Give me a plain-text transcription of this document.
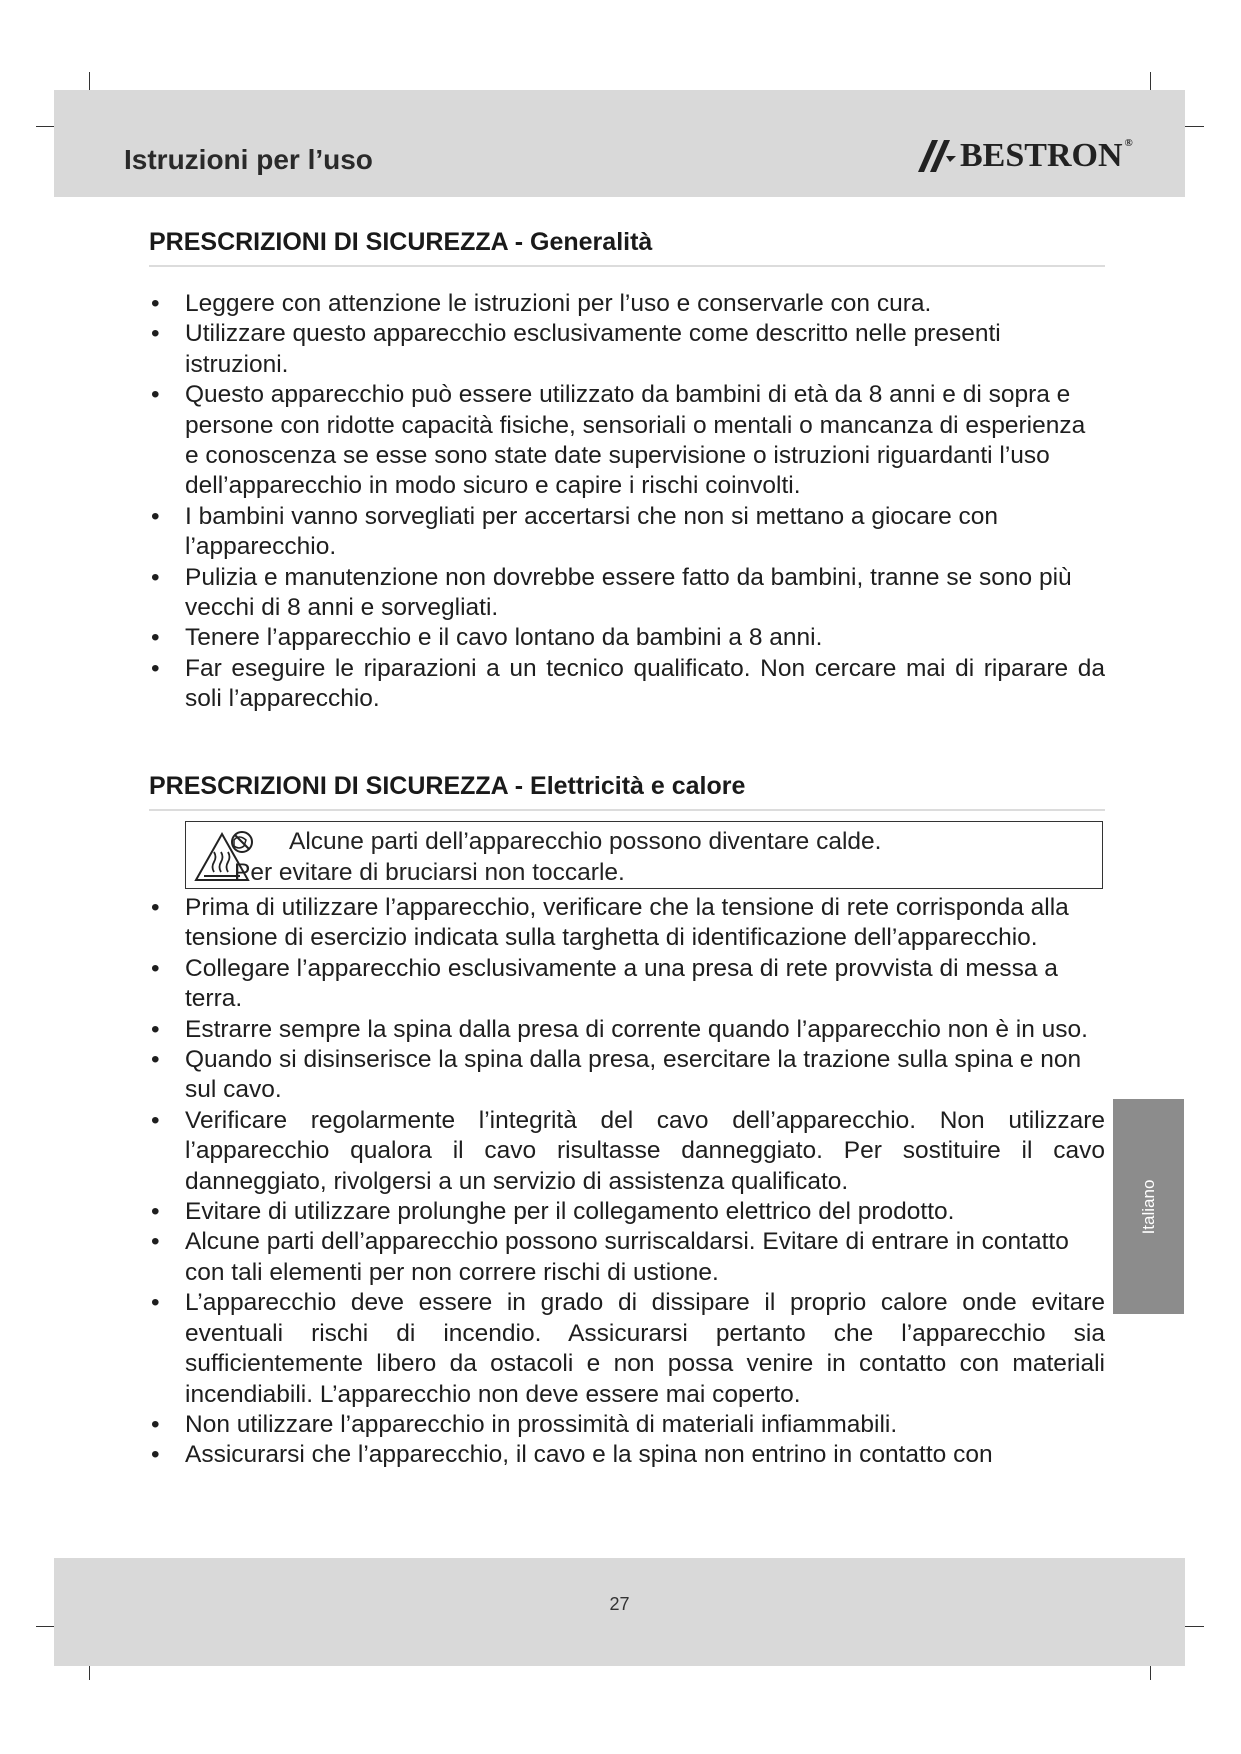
Istruzioni per l’uso	BESTRON ®
PRESCRIZIONI DI SICUREZZA - Generalità
• Leggere con attenzione le istruzioni per l’uso e conservarle con cura.
• Utilizzare questo apparecchio esclusivamente come descritto nelle presenti istruzioni.
• Questo apparecchio può essere utilizzato da bambini di età da 8 anni e di sopra e persone con ridotte capacità fisiche, sensoriali o mentali o mancanza di esperienza e conoscenza se esse sono state date supervisione o istruzioni riguardanti l’uso dell’apparecchio in modo sicuro e capire i rischi coinvolti.
• I bambini vanno sorvegliati per accertarsi che non si mettano a giocare con l’apparecchio.
• Pulizia e manutenzione non dovrebbe essere fatto da bambini, tranne se sono più vecchi di 8 anni e sorvegliati.
• Tenere l’apparecchio e il cavo lontano da bambini a 8 anni.
• Far eseguire le riparazioni a un tecnico qualificato. Non cercare mai di riparare da soli l’apparecchio.
PRESCRIZIONI DI SICUREZZA - Elettricità e calore
Alcune parti dell’apparecchio possono diventare calde.
Per evitare di bruciarsi non toccarle.
• Prima di utilizzare l’apparecchio, verificare che la tensione di rete corrisponda alla tensione di esercizio indicata sulla targhetta di identificazione dell’apparecchio.
• Collegare l’apparecchio esclusivamente a una presa di rete provvista di messa a terra.
• Estrarre sempre la spina dalla presa di corrente quando l’apparecchio non è in uso.
• Quando si disinserisce la spina dalla presa, esercitare la trazione sulla spina e non sul cavo.
• Verificare regolarmente l’integrità del cavo dell’apparecchio. Non utilizzare l’apparecchio qualora il cavo risultasse danneggiato. Per sostituire il cavo danneggiato, rivolgersi a un servizio di assistenza qualificato.
• Evitare di utilizzare prolunghe per il collegamento elettrico del prodotto.
• Alcune parti dell’apparecchio possono surriscaldarsi. Evitare di entrare in contatto con tali elementi per non correre rischi di ustione.
• L’apparecchio deve essere in grado di dissipare il proprio calore onde evitare eventuali rischi di incendio. Assicurarsi pertanto che l’apparecchio sia sufficientemente libero da ostacoli e non possa venire in contatto con materiali incendiabili. L’apparecchio non deve essere mai coperto.
• Non utilizzare l’apparecchio in prossimità di materiali infiammabili.
• Assicurarsi che l’apparecchio, il cavo e la spina non entrino in contatto con
Italiano
27
